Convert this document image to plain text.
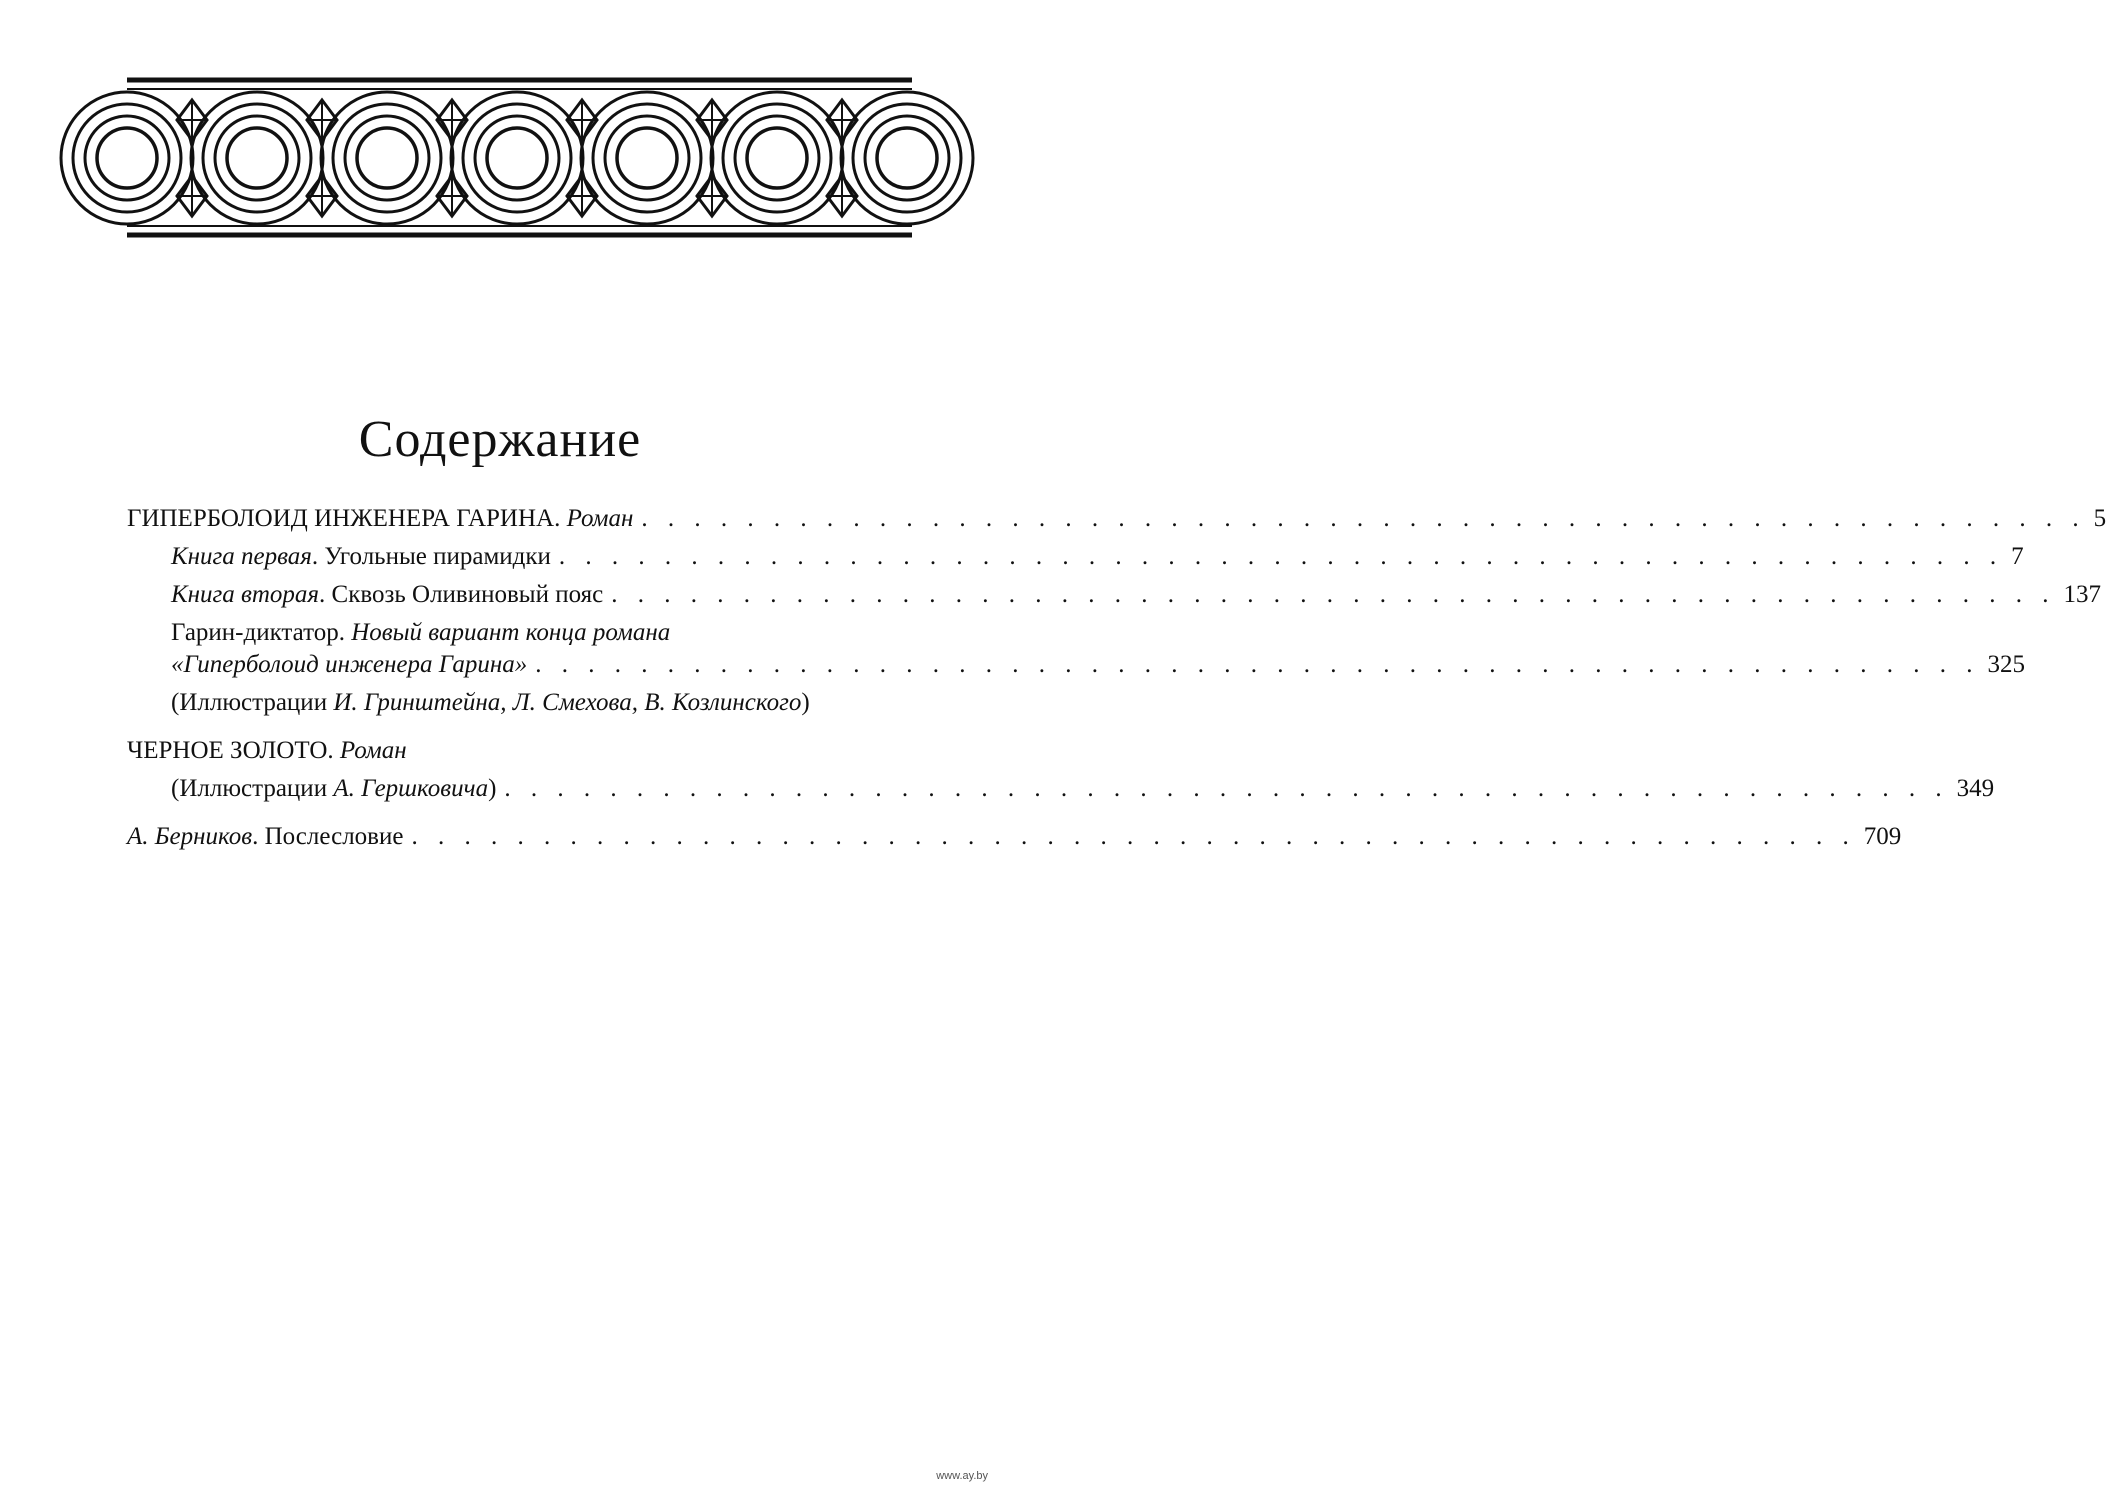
Содержание
ГИПЕРБОЛОИД ИНЖЕНЕРА ГАРИНА. Роман . . . . . . . . . . . . . . . . . . . . . . . . . . . . . . . . . . . . . . . . . . . . . . . . . . . . . . . 5
Книга первая. Угольные пирамидки . . . . . . . . . . . . . . . . . . . . . . . . . . . . . . . . . . . . . . . . . . . . . . . . . . . . . . . 7
Книга вторая. Сквозь Оливиновый пояс . . . . . . . . . . . . . . . . . . . . . . . . . . . . . . . . . . . . . . . . . . . . . . . . . . . . . . . 137
Гарин-диктатор. Новый вариант конца романа
«Гиперболоид инженера Гарина» . . . . . . . . . . . . . . . . . . . . . . . . . . . . . . . . . . . . . . . . . . . . . . . . . . . . . . . 325
(Иллюстрации И. Гринштейна, Л. Смехова, В. Козлинского)
ЧЕРНОЕ ЗОЛОТО. Роман
(Иллюстрации А. Гершковича) . . . . . . . . . . . . . . . . . . . . . . . . . . . . . . . . . . . . . . . . . . . . . . . . . . . . . . . 349
А. Берников. Послесловие . . . . . . . . . . . . . . . . . . . . . . . . . . . . . . . . . . . . . . . . . . . . . . . . . . . . . . . 709
www.ay.by
